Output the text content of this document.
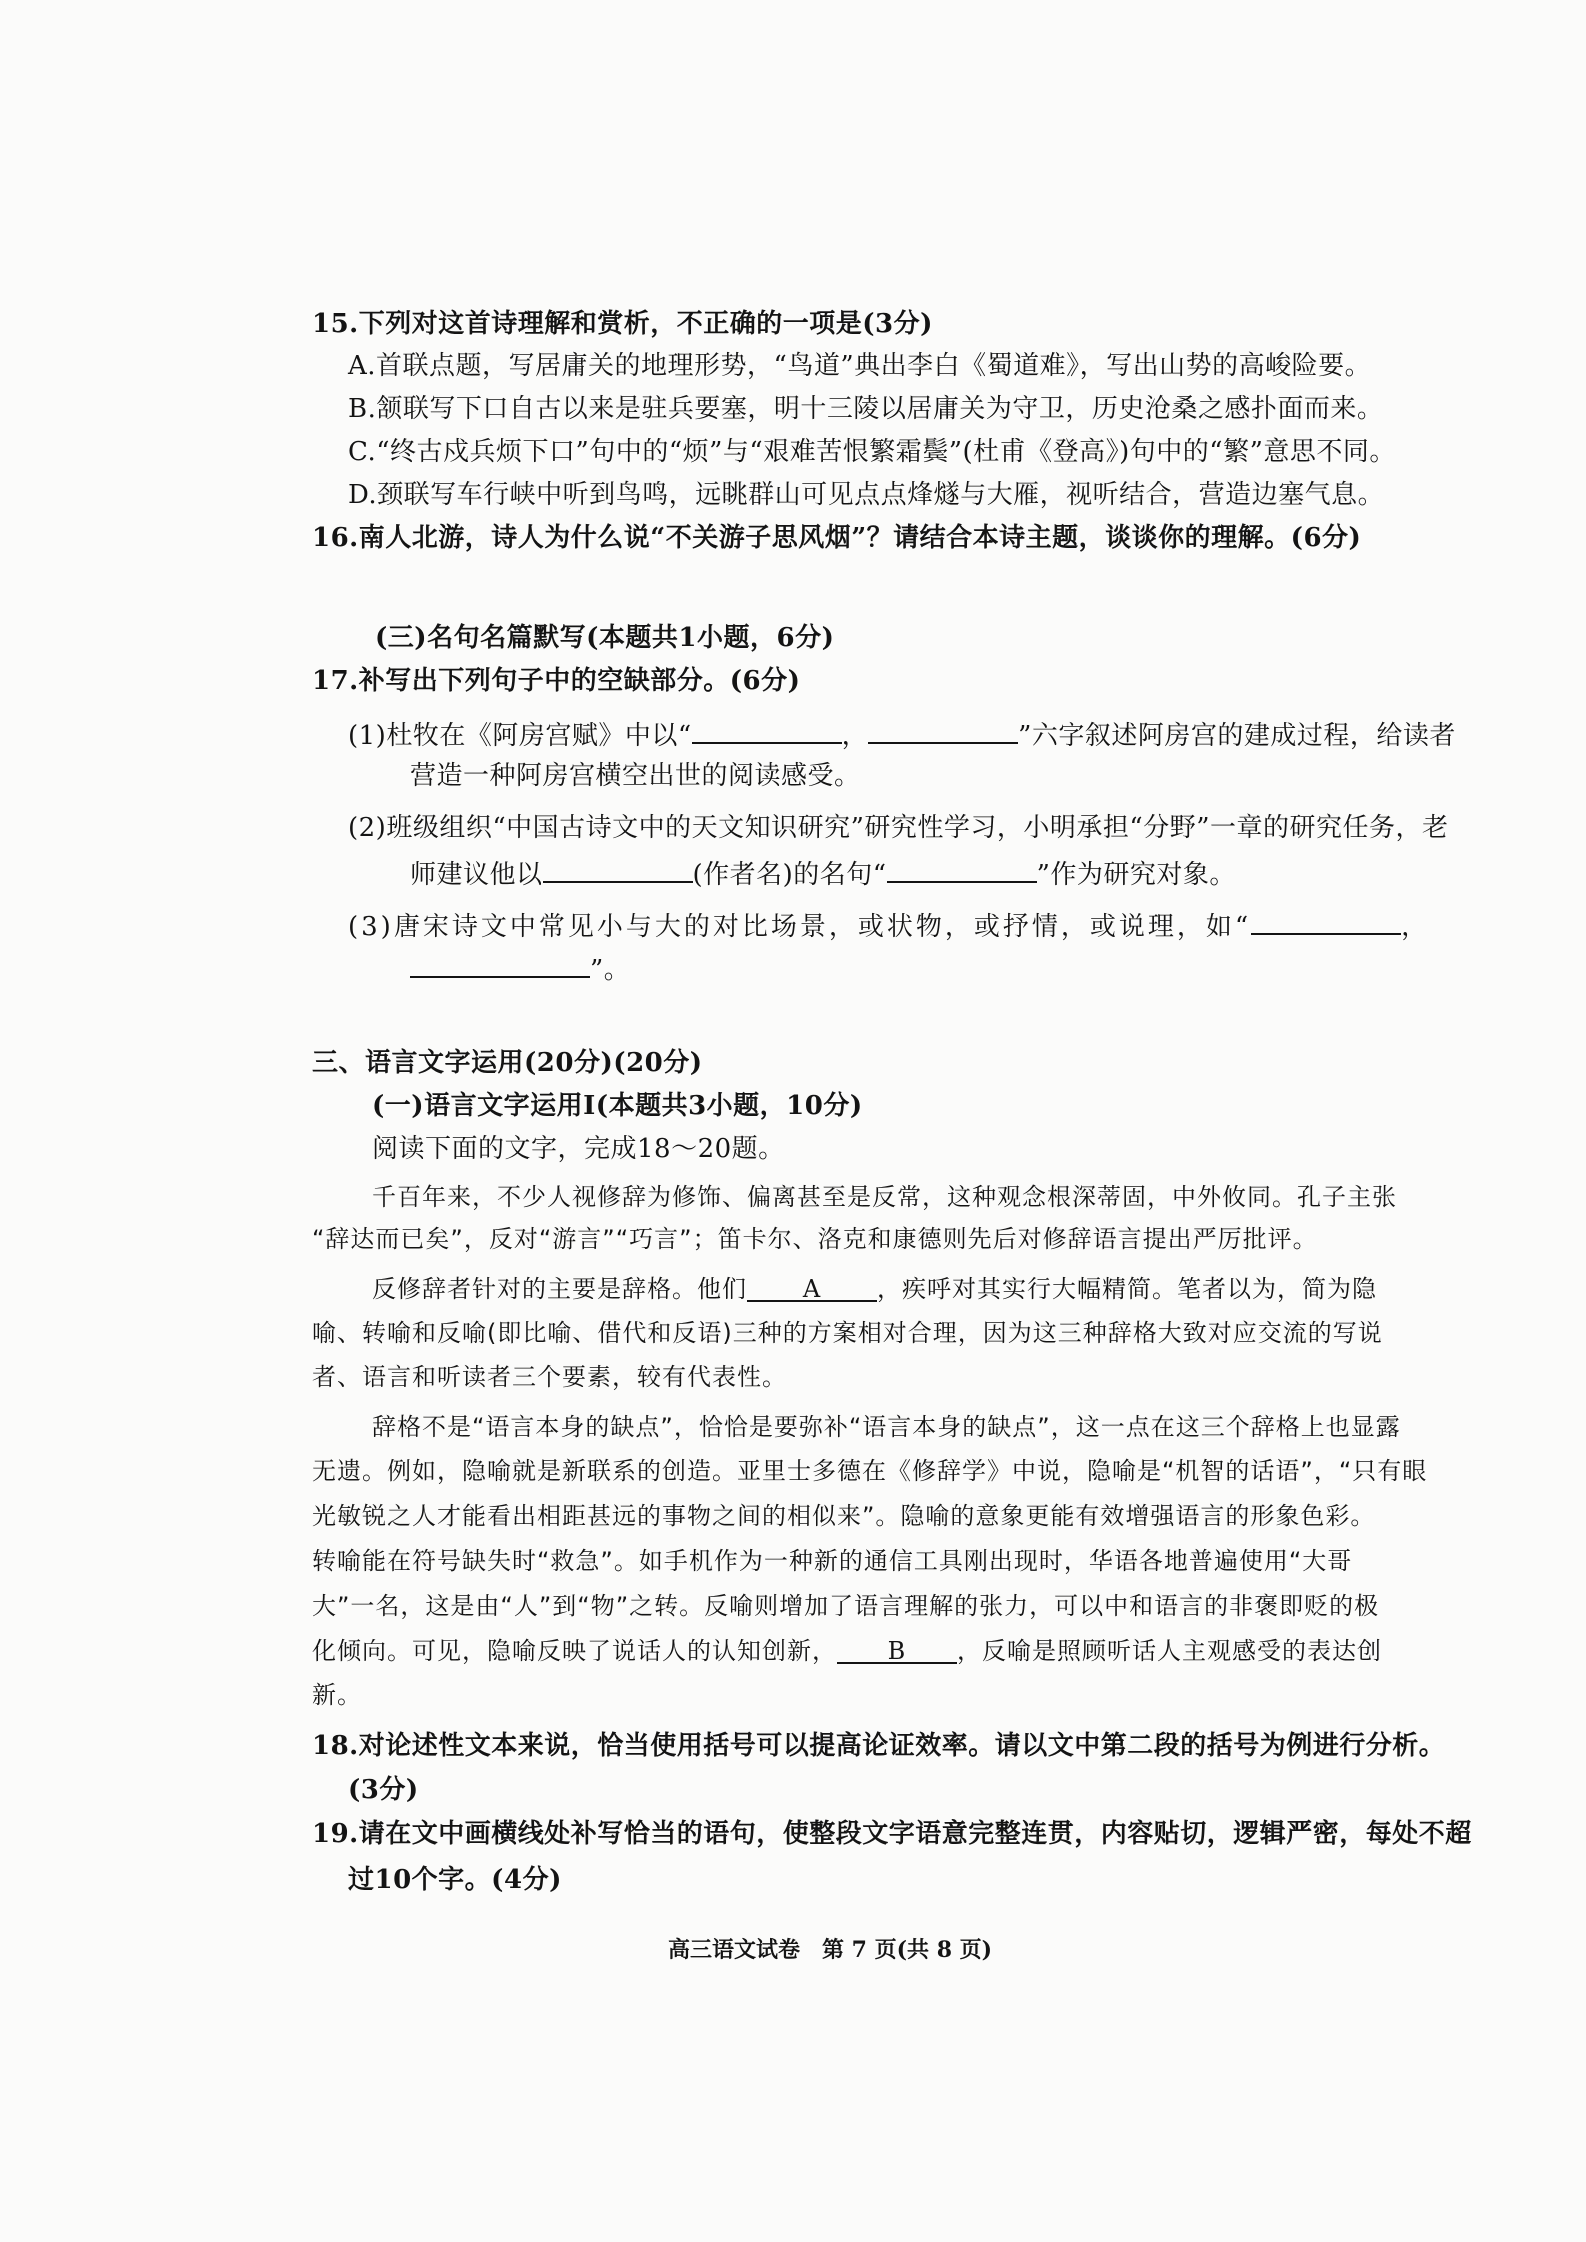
15.下列对这首诗理解和赏析，不正确的一项是(3分)
A.首联点题，写居庸关的地理形势，“鸟道”典出李白《蜀道难》，写出山势的高峻险要。
B.颔联写下口自古以来是驻兵要塞，明十三陵以居庸关为守卫，历史沧桑之感扑面而来。
C.“终古戍兵烦下口”句中的“烦”与“艰难苦恨繁霜鬓”(杜甫《登高》)句中的“繁”意思不同。
D.颈联写车行峡中听到鸟鸣，远眺群山可见点点烽燧与大雁，视听结合，营造边塞气息。
16.南人北游，诗人为什么说“不关游子思风烟”？请结合本诗主题，谈谈你的理解。(6分)
(三)名句名篇默写(本题共1小题，6分)
17.补写出下列句子中的空缺部分。(6分)
(1)杜牧在《阿房宫赋》中以“	，	”六字叙述阿房宫的建成过程，给读者
营造一种阿房宫横空出世的阅读感受。
(2)班级组织“中国古诗文中的天文知识研究”研究性学习，小明承担“分野”一章的研究任务，老
师建议他以	(作者名)的名句“	”作为研究对象。
(3)唐宋诗文中常见小与大的对比场景，或状物，或抒情，或说理，如“	，
”。
三、语言文字运用(20分)(20分)
(一)语言文字运用Ⅰ(本题共3小题，10分)
阅读下面的文字，完成18～20题。
千百年来，不少人视修辞为修饰、偏离甚至是反常，这种观念根深蒂固，中外攸同。孔子主张
“辞达而已矣”，反对“游言”“巧言”；笛卡尔、洛克和康德则先后对修辞语言提出严厉批评。
反修辞者针对的主要是辞格。他们 A ，疾呼对其实行大幅精简。笔者以为，简为隐
喻、转喻和反喻(即比喻、借代和反语)三种的方案相对合理，因为这三种辞格大致对应交流的写说
者、语言和听读者三个要素，较有代表性。
辞格不是“语言本身的缺点”，恰恰是要弥补“语言本身的缺点”，这一点在这三个辞格上也显露
无遗。例如，隐喻就是新联系的创造。亚里士多德在《修辞学》中说，隐喻是“机智的话语”，“只有眼
光敏锐之人才能看出相距甚远的事物之间的相似来”。隐喻的意象更能有效增强语言的形象色彩。
转喻能在符号缺失时“救急”。如手机作为一种新的通信工具刚出现时，华语各地普遍使用“大哥
大”一名，这是由“人”到“物”之转。反喻则增加了语言理解的张力，可以中和语言的非褒即贬的极
化倾向。可见，隐喻反映了说话人的认知创新， B ，反喻是照顾听话人主观感受的表达创
新。
18.对论述性文本来说，恰当使用括号可以提高论证效率。请以文中第二段的括号为例进行分析。
(3分)
19.请在文中画横线处补写恰当的语句，使整段文字语意完整连贯，内容贴切，逻辑严密，每处不超
过10个字。(4分)
高三语文试卷　第 7 页(共 8 页)
